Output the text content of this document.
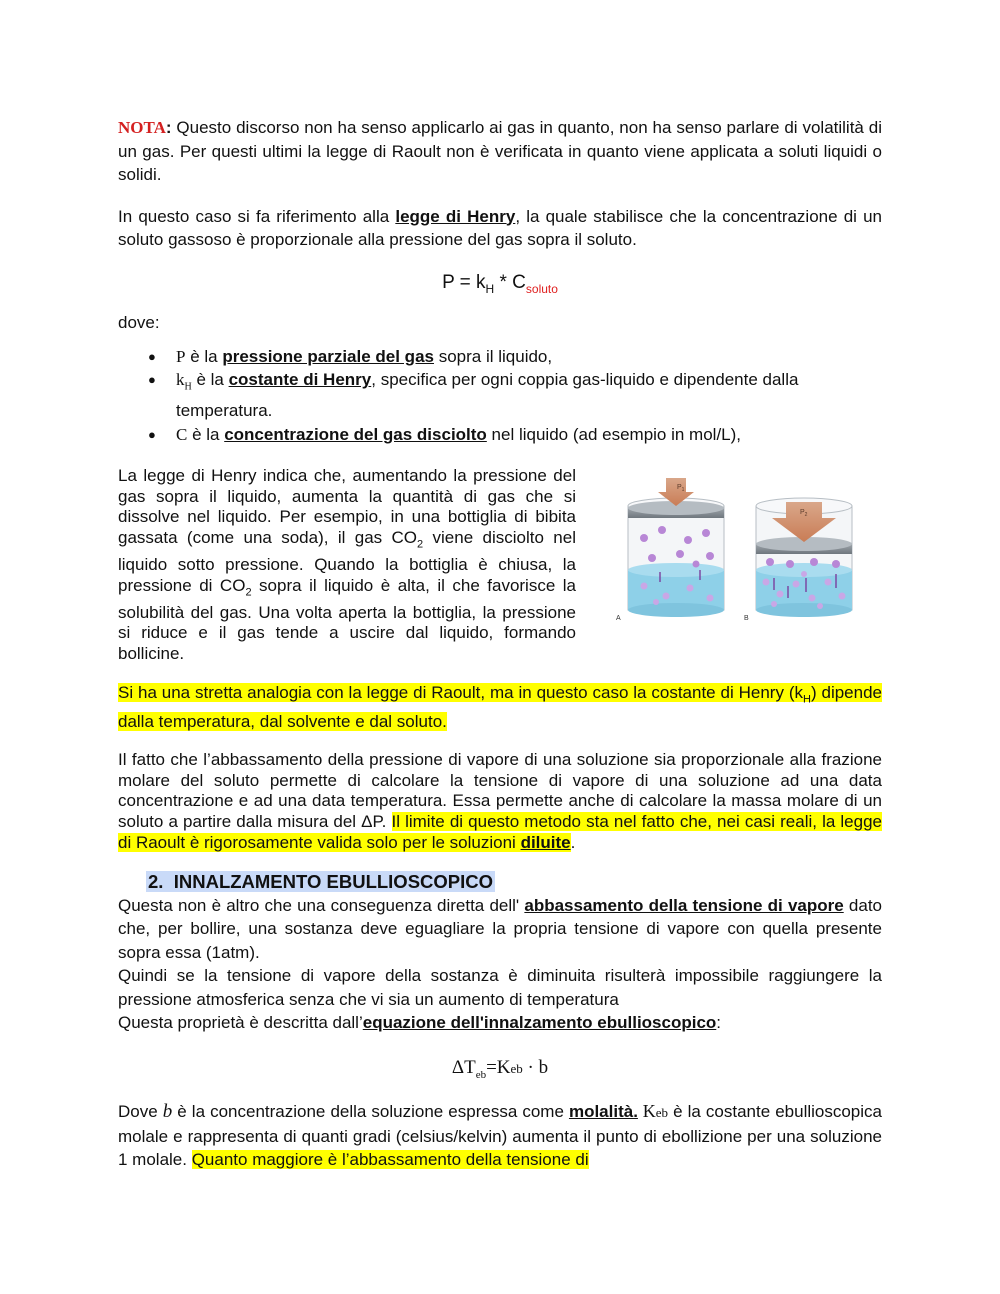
NOTA: Questo discorso non ha senso applicarlo ai gas in quanto, non ha senso parlare di volatilità di un gas. Per questi ultimi la legge di Raoult non è verificata in quanto viene applicata a soluti liquidi o solidi.

In questo caso si fa riferimento alla legge di Henry, la quale stabilisce che la concentrazione di un soluto gassoso è proporzionale alla pressione del gas sopra il soluto.

$P = k_H * C_{soluto}$

dove:

● P è la pressione parziale del gas sopra il liquido,
● $k_H$ è la costante di Henry, specifica per ogni coppia gas-liquido e dipendente dalla temperatura.
● C è la concentrazione del gas disciolto nel liquido (ad esempio in mol/L),
La legge di Henry indica che, aumentando la pressione del gas sopra il liquido, aumenta la quantità di gas che si dissolve nel liquido. Per esempio, in una bottiglia di bibita gassata (come una soda), il gas $CO_2$ viene disciolto nel liquido sotto pressione. Quando la bottiglia è chiusa, la pressione di $CO_2$ sopra il liquido è alta, il che favorisce la solubilità del gas. Una volta aperta la bottiglia, la pressione si riduce e il gas tende a uscire dal liquido, formando bollicine.
$P_1$
$P_2$
A	B

Si ha una stretta analogia con la legge di Raoult, ma in questo caso la costante di Henry $(k_H)$ dipende dalla temperatura, dal solvente e dal soluto.

Il fatto che l’abbassamento della pressione di vapore di una soluzione sia proporzionale alla frazione molare del soluto permette di calcolare la tensione di vapore di una soluzione ad una data concentrazione e ad una data temperatura. Essa permette anche di calcolare la massa molare di un soluto a partire dalla misura del ΔP. Il limite di questo metodo sta nel fatto che, nei casi reali, la legge di Raoult è rigorosamente valida solo per le soluzioni diluite.

2. INNALZAMENTO EBULLIOSCOPICO

Questa non è altro che una conseguenza diretta dell' abbassamento della tensione di vapore dato che, per bollire, una sostanza deve eguagliare la propria tensione di vapore con quella presente sopra essa (1atm).

Quindi se la tensione di vapore della sostanza è diminuita risulterà impossibile raggiungere la pressione atmosferica senza che vi sia un aumento di temperatura

Questa proprietà è descritta dall’equazione dell'innalzamento ebullioscopico:

$\Delta T_{eb}=Keb \cdot b$

Dove b è la concentrazione della soluzione espressa come molalità. Keb è la costante ebullioscopica molale e rappresenta di quanti gradi (celsius/kelvin) aumenta il punto di ebollizione per una soluzione 1 molale. Quanto maggiore è l’abbassamento della tensione di
